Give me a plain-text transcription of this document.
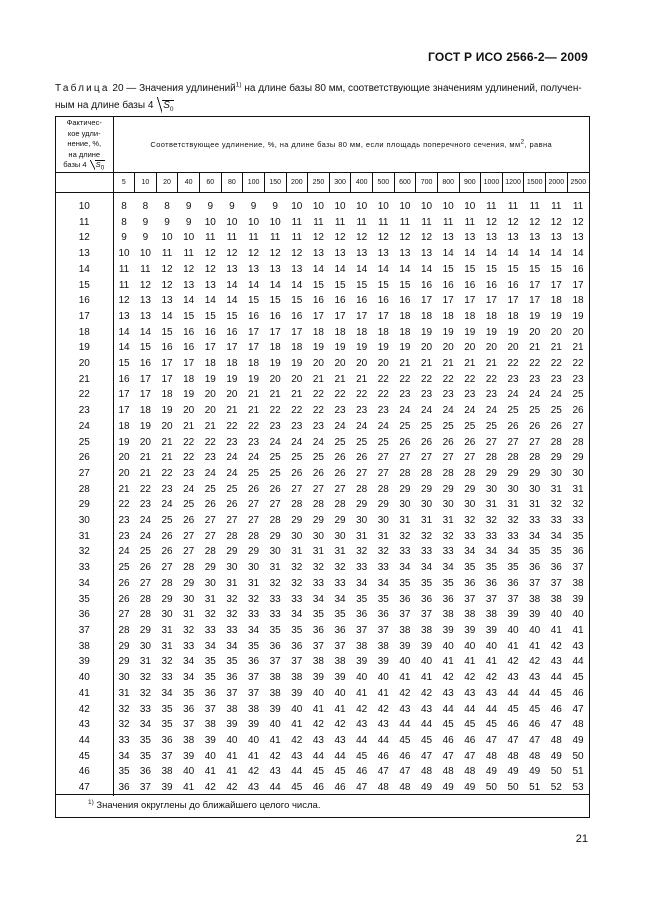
ГОСТ Р ИСО 2566-2— 2009
Таблица 20 — Значения удлинений$^{1)}$ на длине базы 80 мм, соответствующие значениям удлинений, получен-
ным на длине базы 4 $S_0$
Фактичес-
кое удли-
нение, %,
на длине
базы 4 S0	Соответствующее удлинение, %, на длине базы 80 мм, если площадь поперечного сечения, $мм^2$, равна																					
	5	10	20	40	60	80	100	150	200	250	300	400	500	600	700	800	900	1000	1200	1500	2000	2500
10	8	8	8	9	9	9	9	9	10	10	10	10	10	10	10	10	10	11	11	11	11	11
11	8	9	9	9	10	10	10	10	11	11	11	11	11	11	11	11	11	12	12	12	12	12
12	9	9	10	10	11	11	11	11	11	12	12	12	12	12	12	13	13	13	13	13	13	13
13	10	10	11	11	12	12	12	12	12	13	13	13	13	13	13	14	14	14	14	14	14	14
14	11	11	12	12	12	13	13	13	13	14	14	14	14	14	14	15	15	15	15	15	15	16
15	11	12	12	13	13	14	14	14	14	15	15	15	15	15	16	16	16	16	16	17	17	17
16	12	13	13	14	14	14	15	15	15	16	16	16	16	16	17	17	17	17	17	17	18	18
17	13	13	14	15	15	15	16	16	16	17	17	17	17	18	18	18	18	18	18	19	19	19
18	14	14	15	16	16	16	17	17	17	18	18	18	18	18	19	19	19	19	19	20	20	20
19	14	15	16	16	17	17	17	18	18	19	19	19	19	19	20	20	20	20	20	21	21	21
20	15	16	17	17	18	18	18	19	19	20	20	20	20	21	21	21	21	21	22	22	22	22
21	16	17	17	18	19	19	19	20	20	21	21	21	22	22	22	22	22	22	23	23	23	23
22	17	17	18	19	20	20	21	21	21	22	22	22	22	23	23	23	23	23	24	24	24	25
23	17	18	19	20	20	21	21	22	22	22	23	23	23	24	24	24	24	24	25	25	25	26
24	18	19	20	21	21	22	22	23	23	23	24	24	24	25	25	25	25	25	26	26	26	27
25	19	20	21	22	22	23	23	24	24	24	25	25	25	26	26	26	26	27	27	27	28	28
26	20	21	21	22	23	24	24	25	25	25	26	26	27	27	27	27	27	28	28	28	29	29
27	20	21	22	23	24	24	25	25	26	26	26	27	27	28	28	28	28	29	29	29	30	30
28	21	22	23	24	25	25	26	26	27	27	27	28	28	29	29	29	29	30	30	30	31	31
29	22	23	24	25	26	26	27	27	28	28	28	29	29	30	30	30	30	31	31	31	32	32
30	23	24	25	26	27	27	27	28	29	29	29	30	30	31	31	31	32	32	32	33	33	33
31	23	24	26	27	27	28	28	29	30	30	30	31	31	32	32	32	33	33	33	34	34	35
32	24	25	26	27	28	29	29	30	31	31	31	32	32	33	33	33	34	34	34	35	35	36
33	25	26	27	28	29	30	30	31	32	32	32	33	33	34	34	34	35	35	35	36	36	37
34	26	27	28	29	30	31	31	32	32	33	33	34	34	35	35	35	36	36	36	37	37	38
35	26	28	29	30	31	32	32	33	33	34	34	35	35	36	36	36	37	37	37	38	38	39
36	27	28	30	31	32	32	33	33	34	35	35	36	36	37	37	38	38	38	39	39	40	40
37	28	29	31	32	33	33	34	35	35	36	36	37	37	38	38	39	39	39	40	40	41	41
38	29	30	31	33	34	34	35	36	36	37	37	38	38	39	39	40	40	40	41	41	42	43
39	29	31	32	34	35	35	36	37	37	38	38	39	39	40	40	41	41	41	42	42	43	44
40	30	32	33	34	35	36	37	38	38	39	39	40	40	41	41	42	42	42	43	43	44	45
41	31	32	34	35	36	37	37	38	39	40	40	41	41	42	42	43	43	43	44	44	45	46
42	32	33	35	36	37	38	38	39	40	41	41	42	42	43	43	44	44	44	45	45	46	47
43	32	34	35	37	38	39	39	40	41	42	42	43	43	44	44	45	45	45	46	46	47	48
44	33	35	36	38	39	40	40	41	42	43	43	44	44	45	45	46	46	47	47	47	48	49
45	34	35	37	39	40	41	41	42	43	44	44	45	46	46	47	47	47	48	48	48	49	50
46	35	36	38	40	41	41	42	43	44	45	45	46	47	47	48	48	48	49	49	49	50	51
47	36	37	39	41	42	42	43	44	45	46	46	47	48	48	49	49	49	50	50	51	52	53
$^{1)}$ Значения округлены до ближайшего целого числа.
21
